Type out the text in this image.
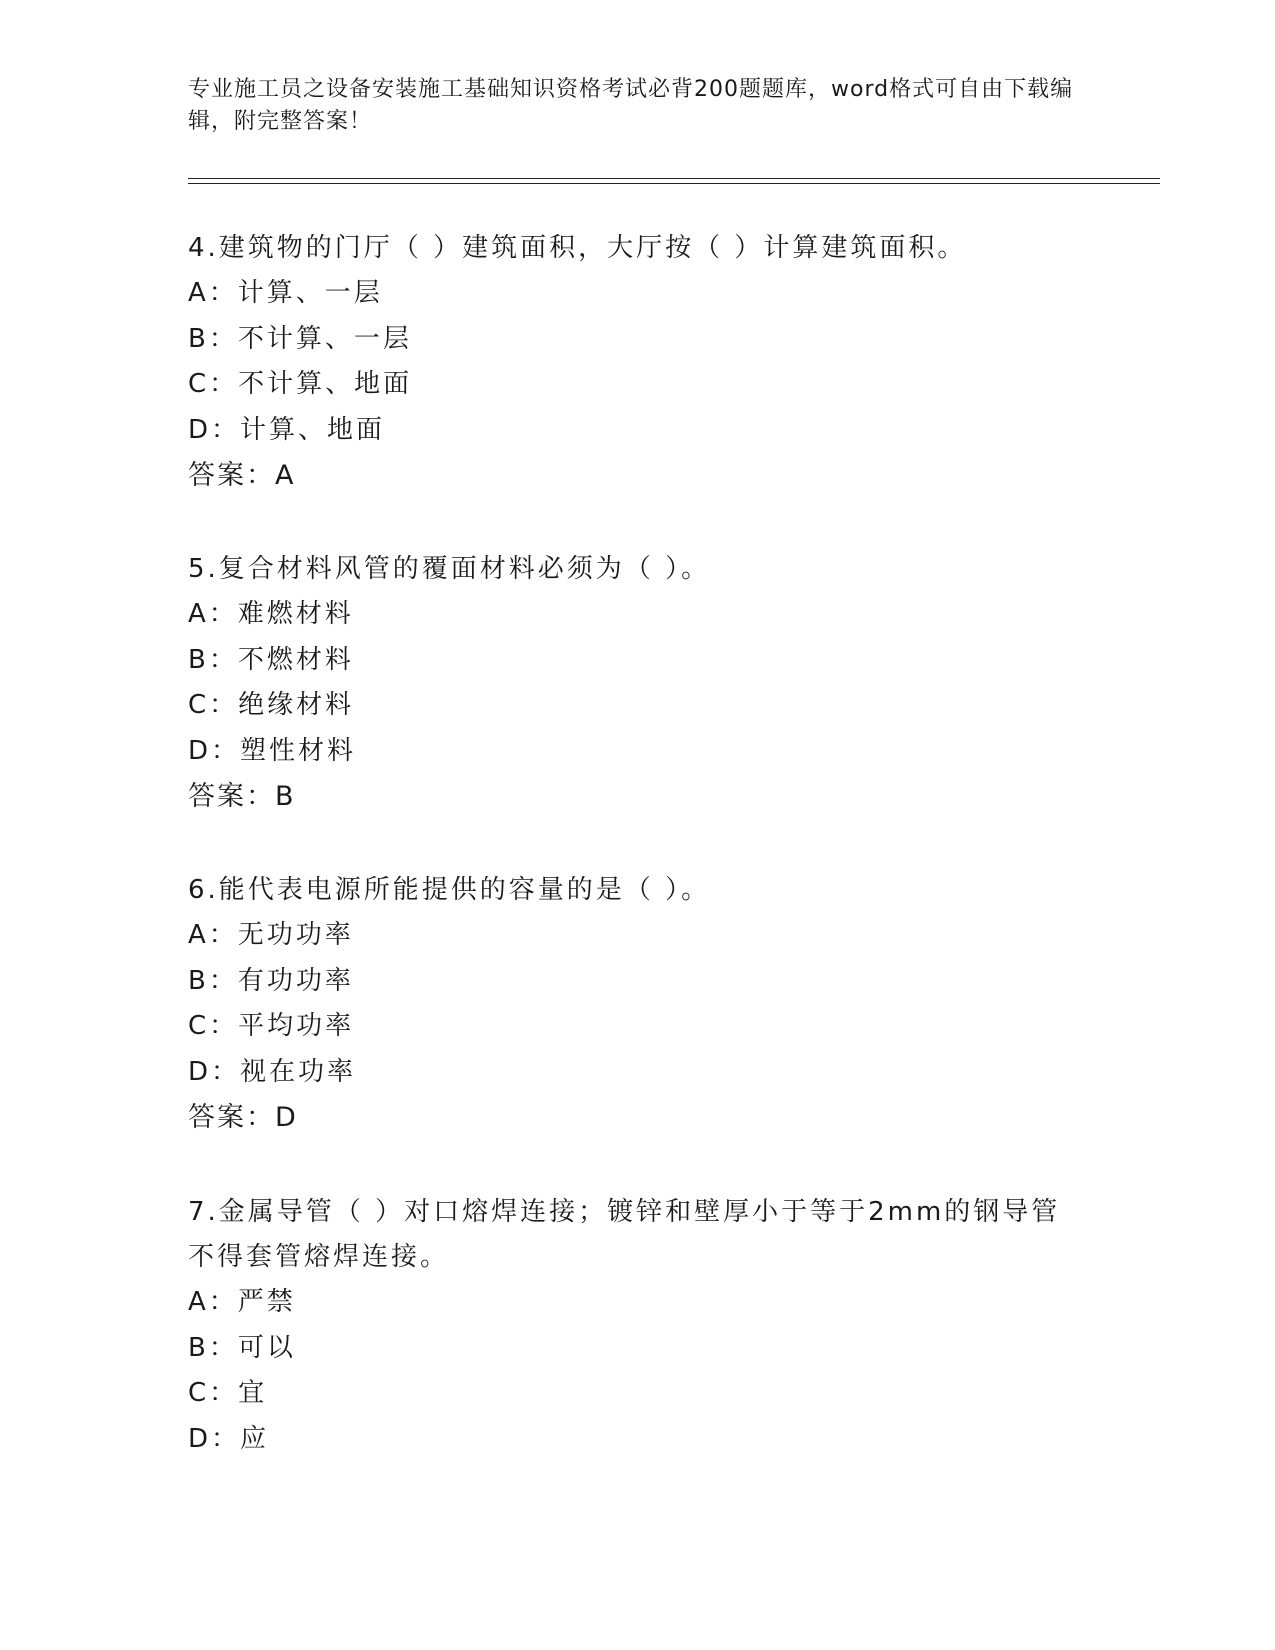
专业施工员之设备安装施工基础知识资格考试必背200题题库，word格式可自由下载编辑，附完整答案！
4.建筑物的门厅（ ）建筑面积，大厅按（ ）计算建筑面积。
A：计算、一层
B：不计算、一层
C：不计算、地面
D：计算、地面
答案：A
5.复合材料风管的覆面材料必须为（ ）。
A：难燃材料
B：不燃材料
C：绝缘材料
D：塑性材料
答案：B
6.能代表电源所能提供的容量的是（ ）。
A：无功功率
B：有功功率
C：平均功率
D：视在功率
答案：D
7.金属导管（ ）对口熔焊连接；镀锌和壁厚小于等于2mm的钢导管不得套管熔焊连接。
A：严禁
B：可以
C：宜
D：应
